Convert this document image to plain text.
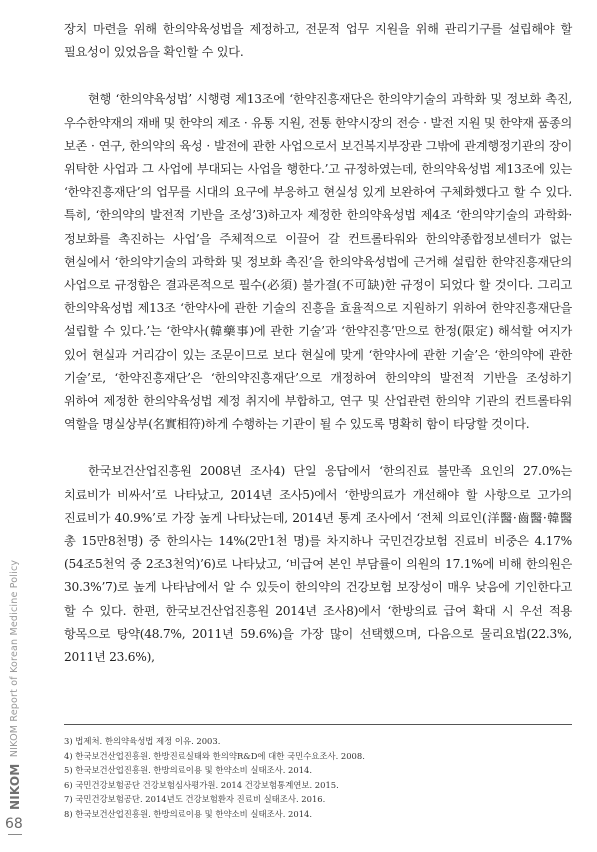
NIKOM  NIKOM Report of Korean Medicine Policy
68

장치 마련을 위해 한의약육성법을 제정하고, 전문적 업무 지원을 위해 관리기구를 설립해야 할 필요성이 있었음을 확인할 수 있다.

현행 ‘한의약육성법’ 시행령 제13조에 ‘한약진흥재단은 한의약기술의 과학화 및 정보화 촉진, 우수한약재의 재배 및 한약의 제조 · 유통 지원, 전통 한약시장의 전승 · 발전 지원 및 한약재 품종의 보존 · 연구, 한의약의 육성 · 발전에 관한 사업으로서 보건복지부장관 그밖에 관계행정기관의 장이 위탁한 사업과 그 사업에 부대되는 사업을 행한다.’고 규정하였는데, 한의약육성법 제13조에 있는 ‘한약진흥재단’의 업무를 시대의 요구에 부응하고 현실성 있게 보완하여 구체화했다고 할 수 있다. 특히, ‘한의약의 발전적 기반을 조성’3)하고자 제정한 한의약육성법 제4조 ‘한의약기술의 과학화·정보화를 촉진하는 사업’을 주체적으로 이끌어 갈 컨트롤타워와 한의약종합정보센터가 없는 현실에서 ‘한의약기술의 과학화 및 정보화 촉진’을 한의약육성법에 근거해 설립한 한약진흥재단의 사업으로 규정함은 결과론적으로 필수(必須) 불가결(不可缺)한 규정이 되었다 할 것이다. 그리고 한의약육성법 제13조 ‘한약사에 관한 기술의 진흥을 효율적으로 지원하기 위하여 한약진흥재단을 설립할 수 있다.’는 ‘한약사(韓藥事)에 관한 기술’과 ‘한약진흥’만으로 한정(限定) 해석할 여지가 있어 현실과 거리감이 있는 조문이므로 보다 현실에 맞게 ‘한약사에 관한 기술’은 ‘한의약에 관한 기술’로, ‘한약진흥재단’은 ‘한의약진흥재단’으로 개정하여 한의약의 발전적 기반을 조성하기 위하여 제정한 한의약육성법 제정 취지에 부합하고, 연구 및 산업관련 한의약 기관의 컨트롤타워 역할을 명실상부(名實相符)하게 수행하는 기관이 될 수 있도록 명확히 함이 타당할 것이다.

한국보건산업진흥원 2008년 조사4) 단일 응답에서 ‘한의진료 불만족 요인의 27.0%는 치료비가 비싸서’로 나타났고, 2014년 조사5)에서 ‘한방의료가 개선해야 할 사항으로 고가의 진료비가 40.9%’로 가장 높게 나타났는데, 2014년 통계 조사에서 ‘전체 의료인(洋醫·齒醫·韓醫 총 15만8천명) 중 한의사는 14%(2만1천 명)를 차지하나 국민건강보험 진료비 비중은 4.17%(54조5천억 중 2조3천억)’6)로 나타났고, ‘비급여 본인 부담률이 의원의 17.1%에 비해 한의원은 30.3%’7)로 높게 나타남에서 알 수 있듯이 한의약의 건강보험 보장성이 매우 낮음에 기인한다고 할 수 있다. 한편, 한국보건산업진흥원 2014년 조사8)에서 ‘한방의료 급여 확대 시 우선 적용 항목으로 탕약(48.7%, 2011년 59.6%)을 가장 많이 선택했으며, 다음으로 물리요법(22.3%, 2011년 23.6%),

3) 법제처. 한의약육성법 제정 이유. 2003.
4) 한국보건산업진흥원. 한방진료실태와 한의약R&D에 대한 국민수요조사. 2008.
5) 한국보건산업진흥원. 한방의료이용 및 한약소비 실태조사. 2014.
6) 국민건강보험공단 건강보험심사평가원. 2014 건강보험통계연보. 2015.
7) 국민건강보험공단. 2014년도 건강보험환자 진료비 실태조사. 2016.
8) 한국보건산업진흥원. 한방의료이용 및 한약소비 실태조사. 2014.
